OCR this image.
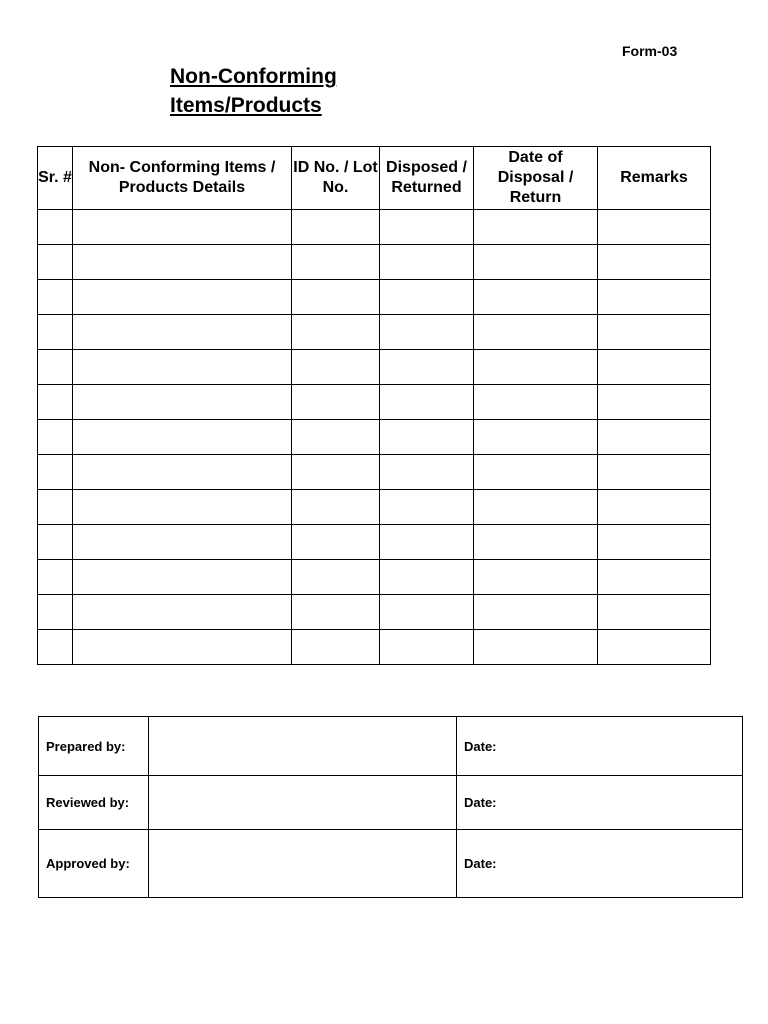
Form-03
Non-Conforming
Items/Products
Sr. #	Non- Conforming Items / Products Details	ID No. / Lot No.	Disposed / Returned	Date of Disposal / Return	Remarks

Prepared by:		Date:
Reviewed by:		Date:
Approved by:		Date:
